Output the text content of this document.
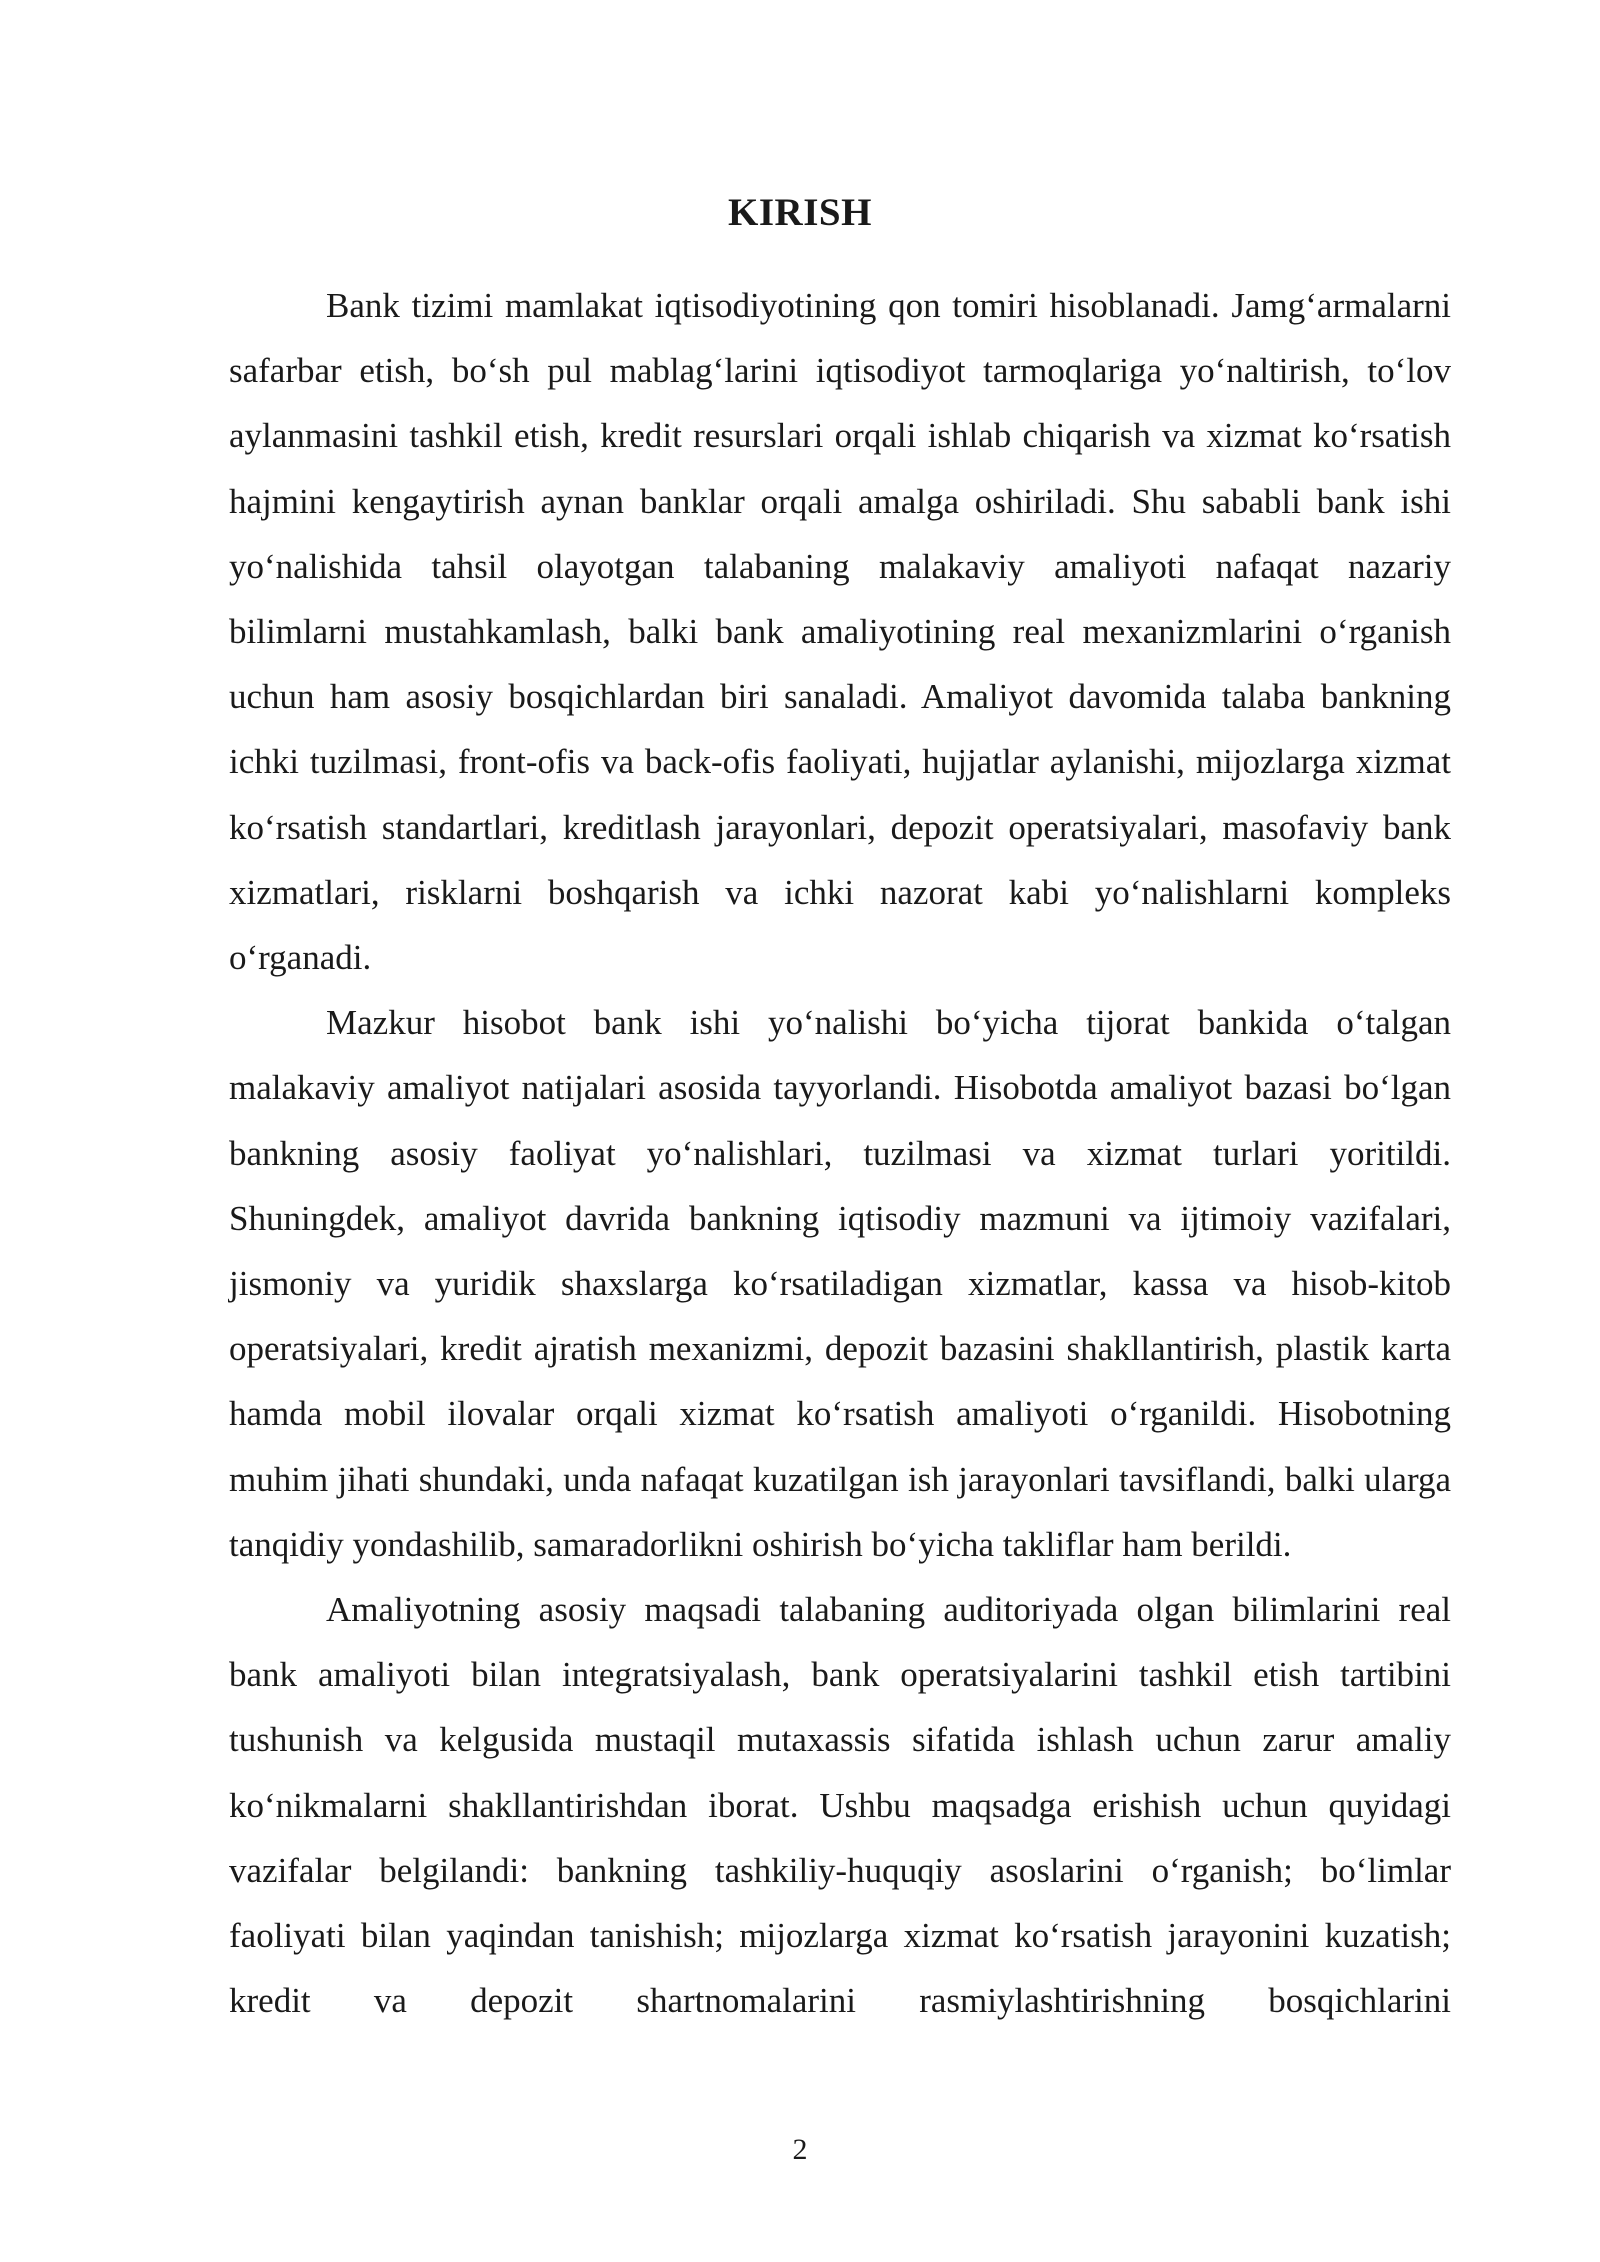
KIRISH

Bank tizimi mamlakat iqtisodiyotining qon tomiri hisoblanadi. Jamg‘armalarni safarbar etish, bo‘sh pul mablag‘larini iqtisodiyot tarmoqlariga yo‘naltirish, to‘lov aylanmasini tashkil etish, kredit resurslari orqali ishlab chiqarish va xizmat ko‘rsatish hajmini kengaytirish aynan banklar orqali amalga oshiriladi. Shu sababli bank ishi yo‘nalishida tahsil olayotgan talabaning malakaviy amaliyoti nafaqat nazariy bilimlarni mustahkamlash, balki bank amaliyotining real mexanizmlarini o‘rganish uchun ham asosiy bosqichlardan biri sanaladi. Amaliyot davomida talaba bankning ichki tuzilmasi, front-ofis va back-ofis faoliyati, hujjatlar aylanishi, mijozlarga xizmat ko‘rsatish standartlari, kreditlash jarayonlari, depozit operatsiyalari, masofaviy bank xizmatlari, risklarni boshqarish va ichki nazorat kabi yo‘nalishlarni kompleks o‘rganadi.

Mazkur hisobot bank ishi yo‘nalishi bo‘yicha tijorat bankida o‘talgan malakaviy amaliyot natijalari asosida tayyorlandi. Hisobotda amaliyot bazasi bo‘lgan bankning asosiy faoliyat yo‘nalishlari, tuzilmasi va xizmat turlari yoritildi. Shuningdek, amaliyot davrida bankning iqtisodiy mazmuni va ijtimoiy vazifalari, jismoniy va yuridik shaxslarga ko‘rsatiladigan xizmatlar, kassa va hisob-kitob operatsiyalari, kredit ajratish mexanizmi, depozit bazasini shakllantirish, plastik karta hamda mobil ilovalar orqali xizmat ko‘rsatish amaliyoti o‘rganildi. Hisobotning muhim jihati shundaki, unda nafaqat kuzatilgan ish jarayonlari tavsiflandi, balki ularga tanqidiy yondashilib, samaradorlikni oshirish bo‘yicha takliflar ham berildi.

Amaliyotning asosiy maqsadi talabaning auditoriyada olgan bilimlarini real bank amaliyoti bilan integratsiyalash, bank operatsiyalarini tashkil etish tartibini tushunish va kelgusida mustaqil mutaxassis sifatida ishlash uchun zarur amaliy ko‘nikmalarni shakllantirishdan iborat. Ushbu maqsadga erishish uchun quyidagi vazifalar belgilandi: bankning tashkiliy-huquqiy asoslarini o‘rganish; bo‘limlar faoliyati bilan yaqindan tanishish; mijozlarga xizmat ko‘rsatish jarayonini kuzatish; kredit va depozit shartnomalarini rasmiylashtirishning bosqichlarini

2
